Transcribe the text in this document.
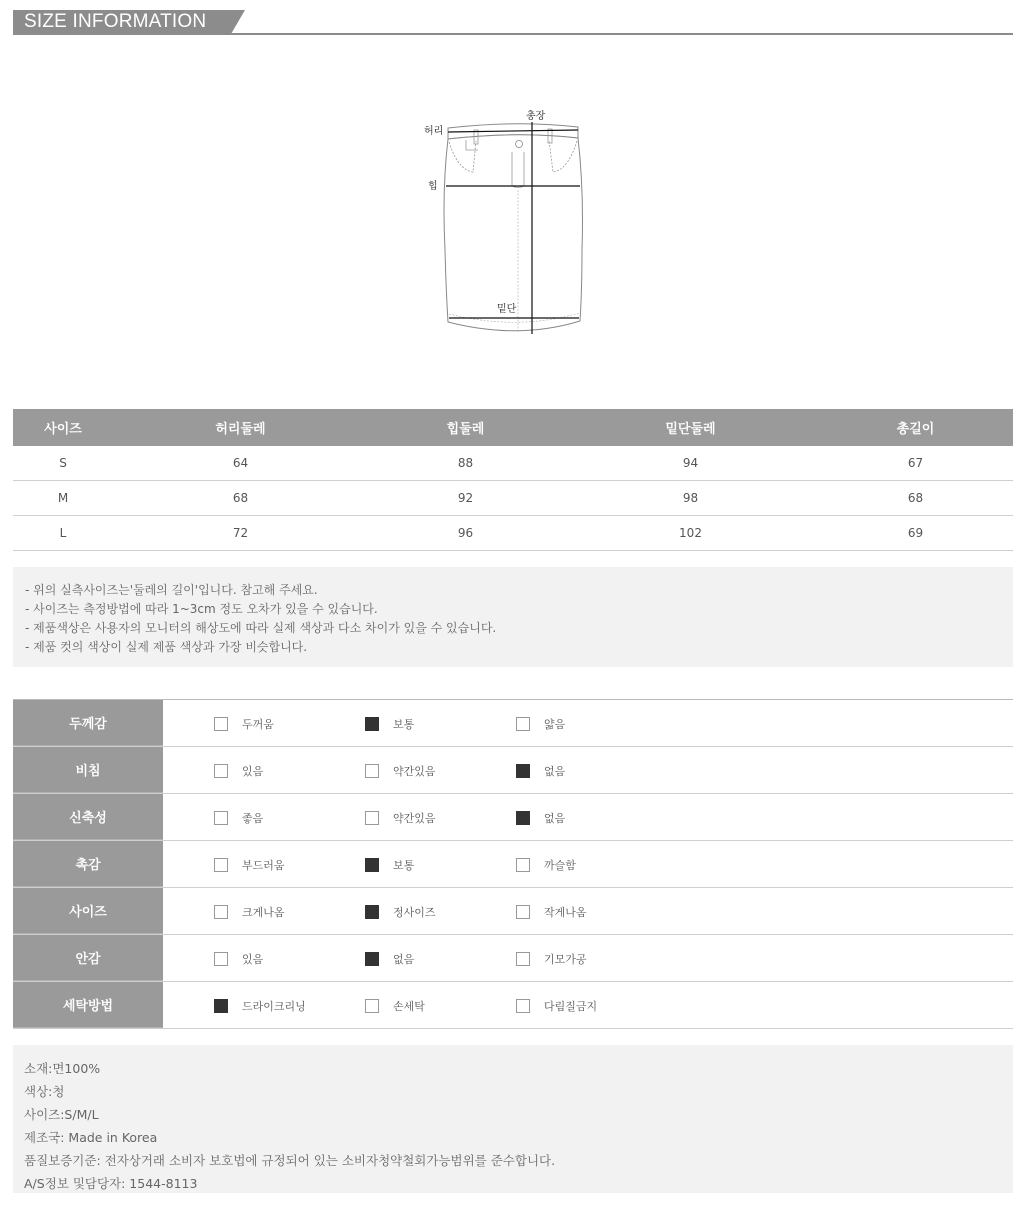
SIZE INFORMATION
총장
허리
힙
밑단
사이즈	허리둘레	힙둘레	밑단둘레	총길이
S	64	88	94	67
M	68	92	98	68
L	72	96	102	69
- 위의 실측사이즈는'둘레의 길이'입니다. 참고해 주세요.
- 사이즈는 측정방법에 따라 1~3cm 정도 오차가 있을 수 있습니다.
- 제품색상은 사용자의 모니터의 해상도에 따라 실제 색상과 다소 차이가 있을 수 있습니다.
- 제품 컷의 색상이 실제 제품 색상과 가장 비슷합니다.
두께감	두꺼움	보통	얇음
비침	있음	약간있음	없음
신축성	좋음	약간있음	없음
촉감	부드러움	보통	까슬함
사이즈	크게나옴	정사이즈	작게나옴
안감	있음	없음	기모가공
세탁방법	드라이크리닝	손세탁	다림질금지
소재:면100%
색상:청
사이즈:S/M/L
제조국: Made in Korea
품질보증기준: 전자상거래 소비자 보호법에 규정되어 있는 소비자청약철회가능범위를 준수합니다.
A/S정보 및담당자: 1544-8113
